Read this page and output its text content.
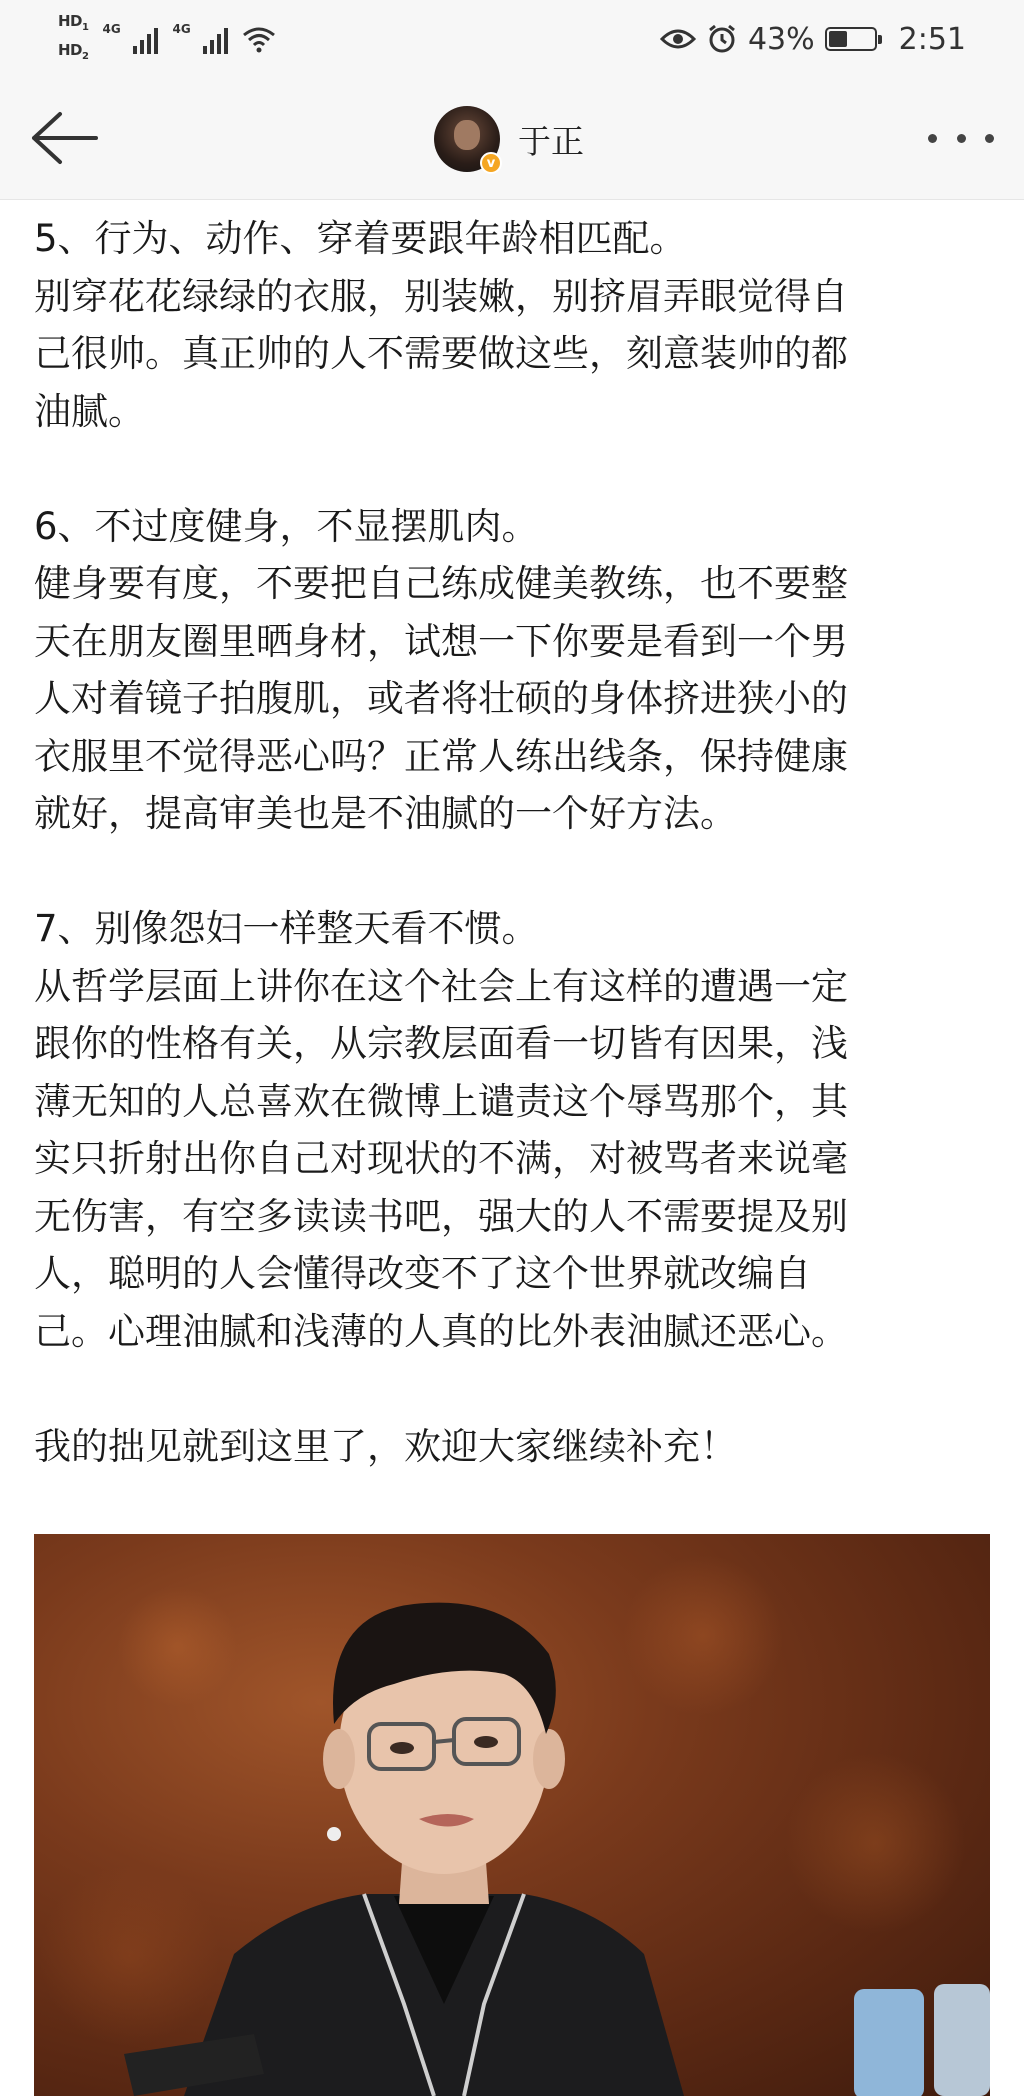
$HD_1$
$HD_2$
4G	4G	43%	2:51
v
于正

5、行为、动作、穿着要跟年龄相匹配。

别穿花花绿绿的衣服，别装嫩，别挤眉弄眼觉得自

己很帅。真正帅的人不需要做这些，刻意装帅的都

油腻。

6、不过度健身，不显摆肌肉。

健身要有度，不要把自己练成健美教练，也不要整

天在朋友圈里晒身材，试想一下你要是看到一个男

人对着镜子拍腹肌，或者将壮硕的身体挤进狭小的

衣服里不觉得恶心吗？正常人练出线条，保持健康

就好，提高审美也是不油腻的一个好方法。

7、别像怨妇一样整天看不惯。

从哲学层面上讲你在这个社会上有这样的遭遇一定

跟你的性格有关，从宗教层面看一切皆有因果，浅

薄无知的人总喜欢在微博上谴责这个辱骂那个，其

实只折射出你自己对现状的不满，对被骂者来说毫

无伤害，有空多读读书吧，强大的人不需要提及别

人，聪明的人会懂得改变不了这个世界就改编自

己。心理油腻和浅薄的人真的比外表油腻还恶心。

我的拙见就到这里了，欢迎大家继续补充！
